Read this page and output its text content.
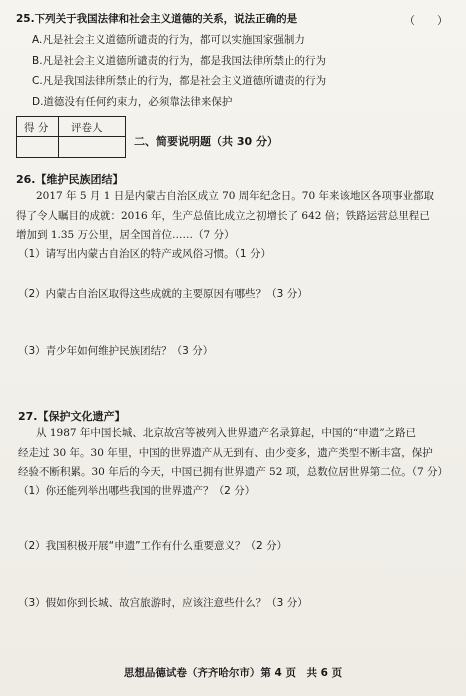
25.下列关于我国法律和社会主义道德的关系，说法正确的是	（　　）
A.凡是社会主义道德所谴责的行为，都可以实施国家强制力
B.凡是社会主义道德所谴责的行为，都是我国法律所禁止的行为
C.凡是我国法律所禁止的行为，都是社会主义道德所谴责的行为
D.道德没有任何约束力，必须靠法律来保护
得 分 评卷人
二、简要说明题（共 30 分）
26.【维护民族团结】
2017 年 5 月 1 日是内蒙古自治区成立 70 周年纪念日。70 年来该地区各项事业都取
得了令人瞩目的成就：2016 年，生产总值比成立之初增长了 642 倍；铁路运营总里程已
增加到 1.35 万公里，居全国首位……（7 分）
（1）请写出内蒙古自治区的特产或风俗习惯。（1 分）
（2）内蒙古自治区取得这些成就的主要原因有哪些？（3 分）
（3）青少年如何维护民族团结？（3 分）
27.【保护文化遗产】
从 1987 年中国长城、北京故宫等被列入世界遗产名录算起，中国的“申遗”之路已
经走过 30 年。30 年里，中国的世界遗产从无到有、由少变多，遗产类型不断丰富，保护
经验不断积累。30 年后的今天，中国已拥有世界遗产 52 项，总数位居世界第二位。（7 分）
（1）你还能列举出哪些我国的世界遗产？（2 分）
（2）我国积极开展“申遗”工作有什么重要意义？（2 分）
（3）假如你到长城、故宫旅游时，应该注意些什么？（3 分）
思想品德试卷（齐齐哈尔市）第 4 页　共 6 页
